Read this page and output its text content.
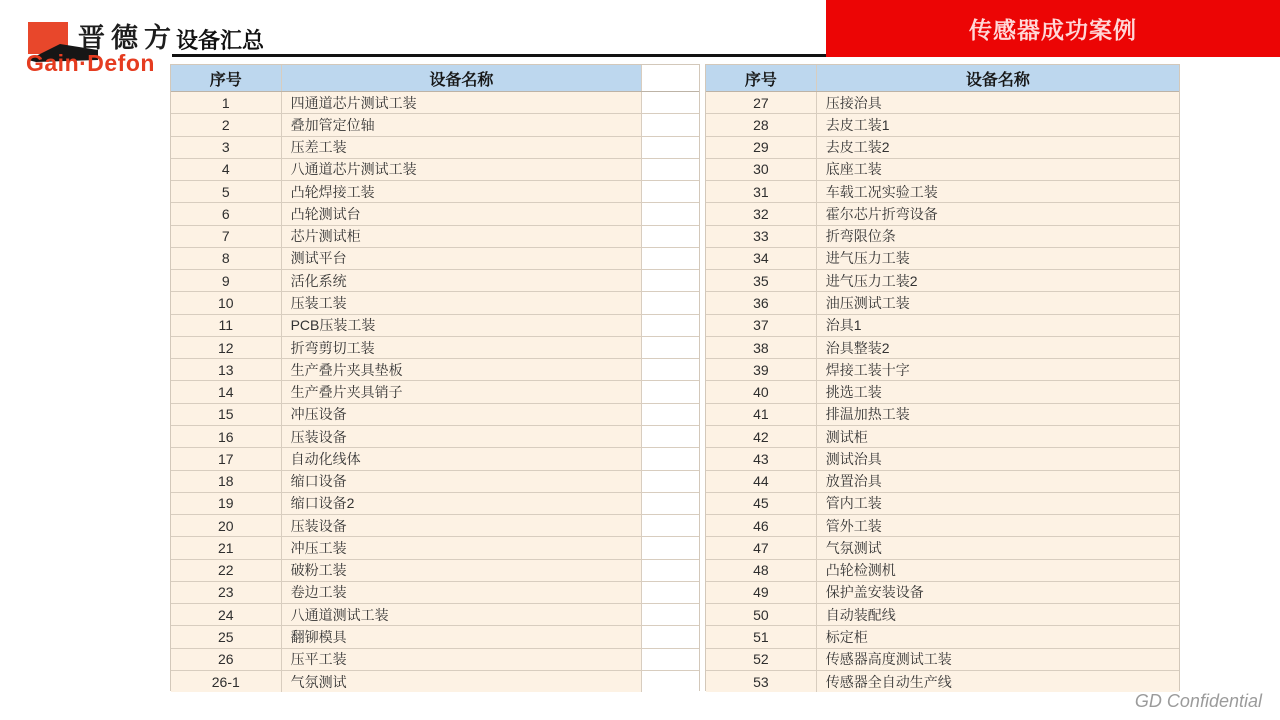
晋德方
Gain·Defon
设备汇总	传感器成功案例
序号	设备名称
1	四通道芯片测试工装
2	叠加管定位轴
3	压差工装
4	八通道芯片测试工装
5	凸轮焊接工装
6	凸轮测试台
7	芯片测试柜
8	测试平台
9	活化系统
10	压装工装
11	PCB压装工装
12	折弯剪切工装
13	生产叠片夹具垫板
14	生产叠片夹具销子
15	冲压设备
16	压装设备
17	自动化线体
18	缩口设备
19	缩口设备2
20	压装设备
21	冲压工装
22	破粉工装
23	卷边工装
24	八通道测试工装
25	翻铆模具
26	压平工装
26-1	气氛测试
序号	设备名称
27	压接治具
28	去皮工装1
29	去皮工装2
30	底座工装
31	车载工况实验工装
32	霍尔芯片折弯设备
33	折弯限位条
34	进气压力工装
35	进气压力工装2
36	油压测试工装
37	治具1
38	治具整装2
39	焊接工装十字
40	挑选工装
41	排温加热工装
42	测试柜
43	测试治具
44	放置治具
45	管内工装
46	管外工装
47	气氛测试
48	凸轮检测机
49	保护盖安装设备
50	自动装配线
51	标定柜
52	传感器高度测试工装
53	传感器全自动生产线
GD Confidential
